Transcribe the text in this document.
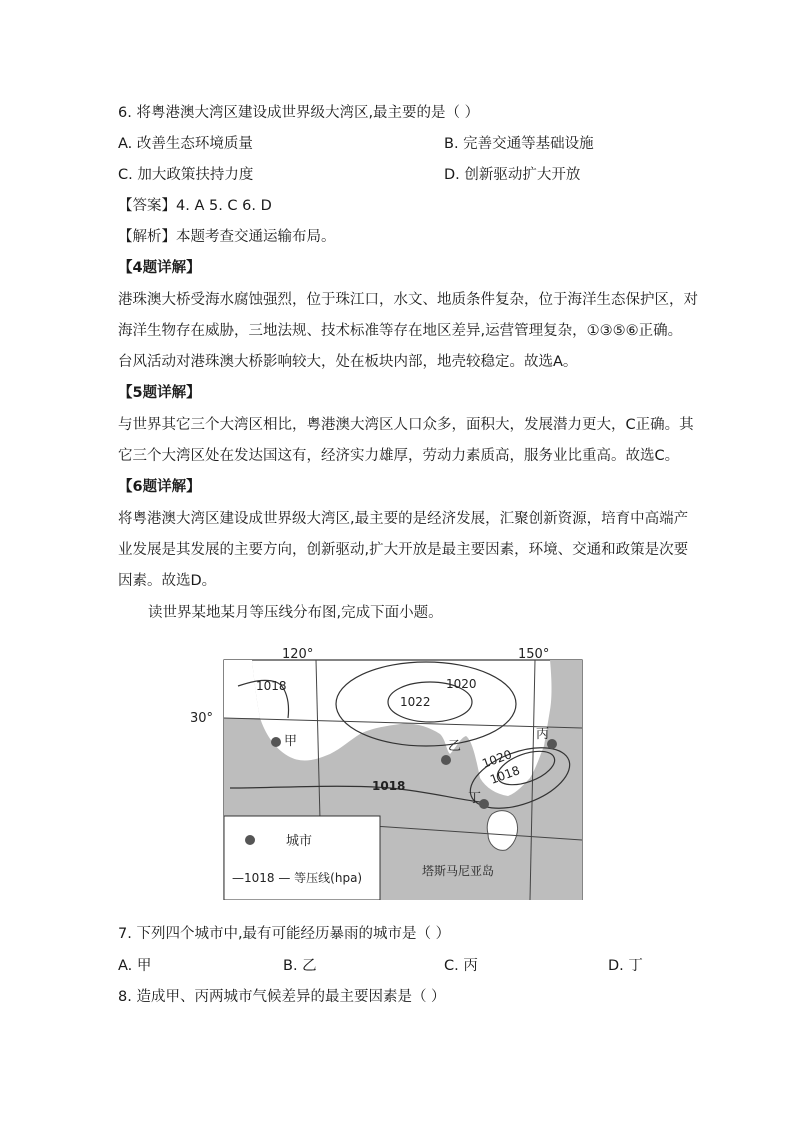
6. 将粤港澳大湾区建设成世界级大湾区,最主要的是（ ）
A. 改善生态环境质量	B. 完善交通等基础设施
C. 加大政策扶持力度	D. 创新驱动扩大开放
【答案】4. A 5. C 6. D
【解析】本题考查交通运输布局。
【4题详解】
港珠澳大桥受海水腐蚀强烈，位于珠江口，水文、地质条件复杂，位于海洋生态保护区，对
海洋生物存在威胁，三地法规、技术标准等存在地区差异,运营管理复杂，①③⑤⑥正确。
台风活动对港珠澳大桥影响较大，处在板块内部，地壳较稳定。故选A。
【5题详解】
与世界其它三个大湾区相比，粤港澳大湾区人口众多，面积大，发展潜力更大，C正确。其
它三个大湾区处在发达国这有，经济实力雄厚，劳动力素质高，服务业比重高。故选C。
【6题详解】
将粤港澳大湾区建设成世界级大湾区,最主要的是经济发展，汇聚创新资源，培育中高端产
业发展是其发展的主要方向，创新驱动,扩大开放是最主要因素，环境、交通和政策是次要
因素。故选D。
读世界某地某月等压线分布图,完成下面小题。
120°	150°
30°
1018
1022
1020
1020
1018
1018
甲	乙
丙
丁
塔斯马尼亚岛
城市
—1018 — 等压线(hpa)
7. 下列四个城市中,最有可能经历暴雨的城市是（ ）
A. 甲	B. 乙	C. 丙	D. 丁
8. 造成甲、丙两城市气候差异的最主要因素是（ ）
